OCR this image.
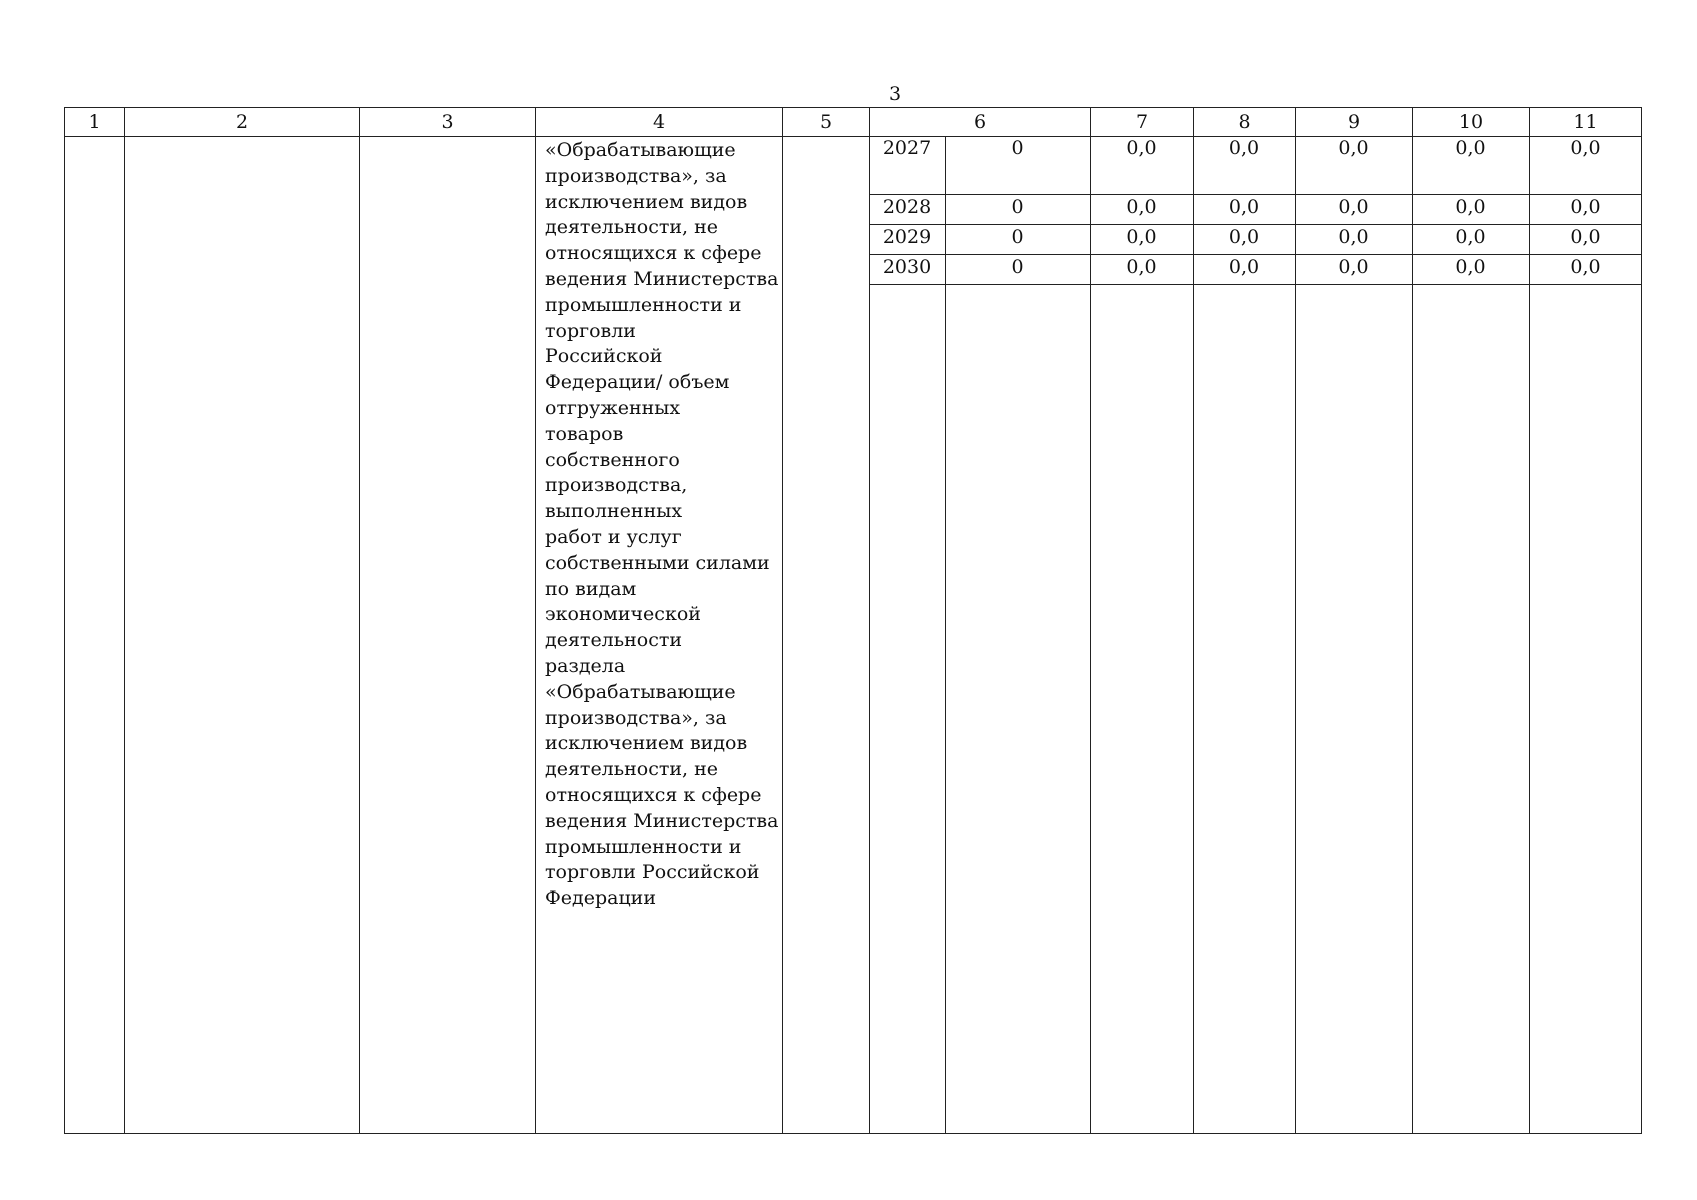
3
1	2	3	4	5	6	7	8	9	10	11
«Обрабатывающие
производства», за
исключением видов
деятельности, не
относящихся к сфере
ведения Министерства
промышленности и
торговли
Российской
Федерации/ объем
отгруженных
товаров
собственного
производства,
выполненных
работ и услуг
собственными силами
по видам
экономической
деятельности
раздела
«Обрабатывающие
производства», за
исключением видов
деятельности, не
относящихся к сфере
ведения Министерства
промышленности и
торговли Российской
Федерации
2027	0	0,0	0,0	0,0	0,0	0,0
2028	0	0,0	0,0	0,0	0,0	0,0
2029	0	0,0	0,0	0,0	0,0	0,0
2030	0	0,0	0,0	0,0	0,0	0,0
